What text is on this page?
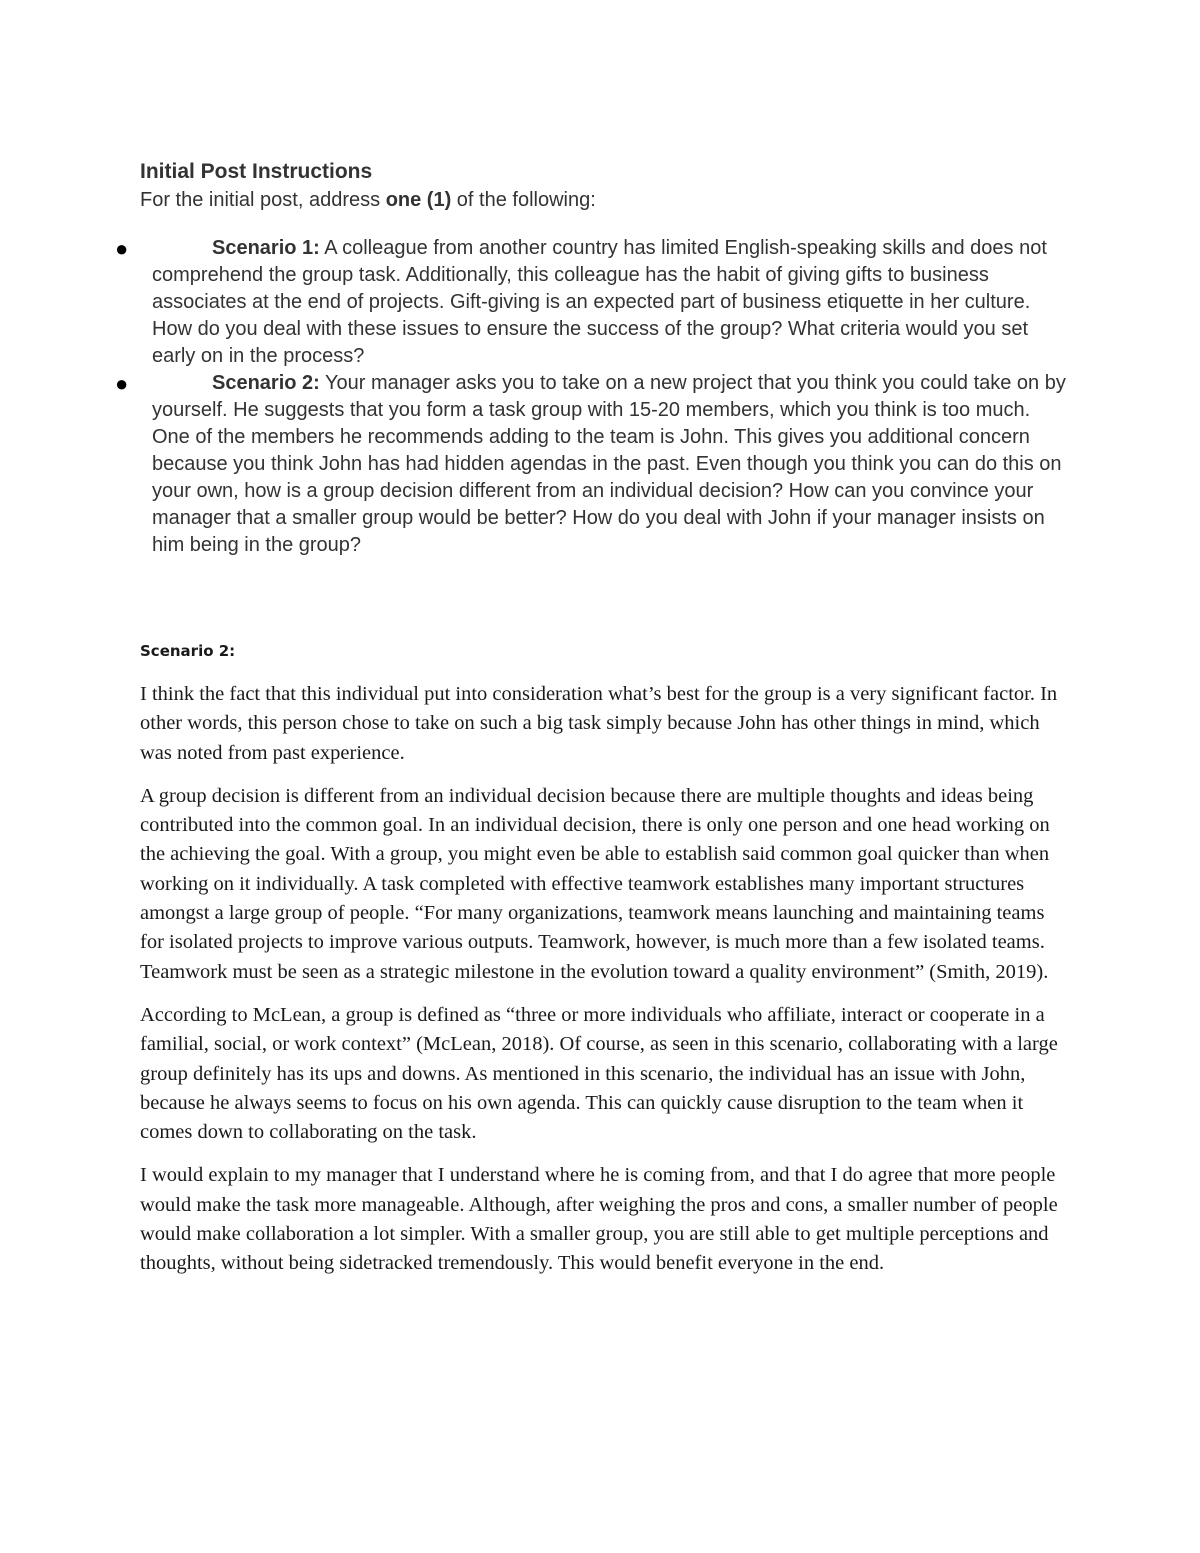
Initial Post Instructions

For the initial post, address one (1) of the following:

●	Scenario 1: A colleague from another country has limited English-speaking skills and does not comprehend the group task. Additionally, this colleague has the habit of giving gifts to business associates at the end of projects. Gift-giving is an expected part of business etiquette in her culture. How do you deal with these issues to ensure the success of the group? What criteria would you set early on in the process?
●	Scenario 2: Your manager asks you to take on a new project that you think you could take on by yourself. He suggests that you form a task group with 15-20 members, which you think is too much. One of the members he recommends adding to the team is John. This gives you additional concern because you think John has had hidden agendas in the past. Even though you think you can do this on your own, how is a group decision different from an individual decision? How can you convince your manager that a smaller group would be better? How do you deal with John if your manager insists on him being in the group?

Scenario 2:

I think the fact that this individual put into consideration what’s best for the group is a very significant factor. In other words, this person chose to take on such a big task simply because John has other things in mind, which was noted from past experience.

A group decision is different from an individual decision because there are multiple thoughts and ideas being contributed into the common goal. In an individual decision, there is only one person and one head working on the achieving the goal. With a group, you might even be able to establish said common goal quicker than when working on it individually. A task completed with effective teamwork establishes many important structures amongst a large group of people. “For many organizations, teamwork means launching and maintaining teams for isolated projects to improve various outputs. Teamwork, however, is much more than a few isolated teams. Teamwork must be seen as a strategic milestone in the evolution toward a quality environment” (Smith, 2019).

According to McLean, a group is defined as “three or more individuals who affiliate, interact or cooperate in a familial, social, or work context” (McLean, 2018). Of course, as seen in this scenario, collaborating with a large group definitely has its ups and downs. As mentioned in this scenario, the individual has an issue with John, because he always seems to focus on his own agenda. This can quickly cause disruption to the team when it comes down to collaborating on the task.

I would explain to my manager that I understand where he is coming from, and that I do agree that more people would make the task more manageable. Although, after weighing the pros and cons, a smaller number of people would make collaboration a lot simpler. With a smaller group, you are still able to get multiple perceptions and thoughts, without being sidetracked tremendously. This would benefit everyone in the end.
